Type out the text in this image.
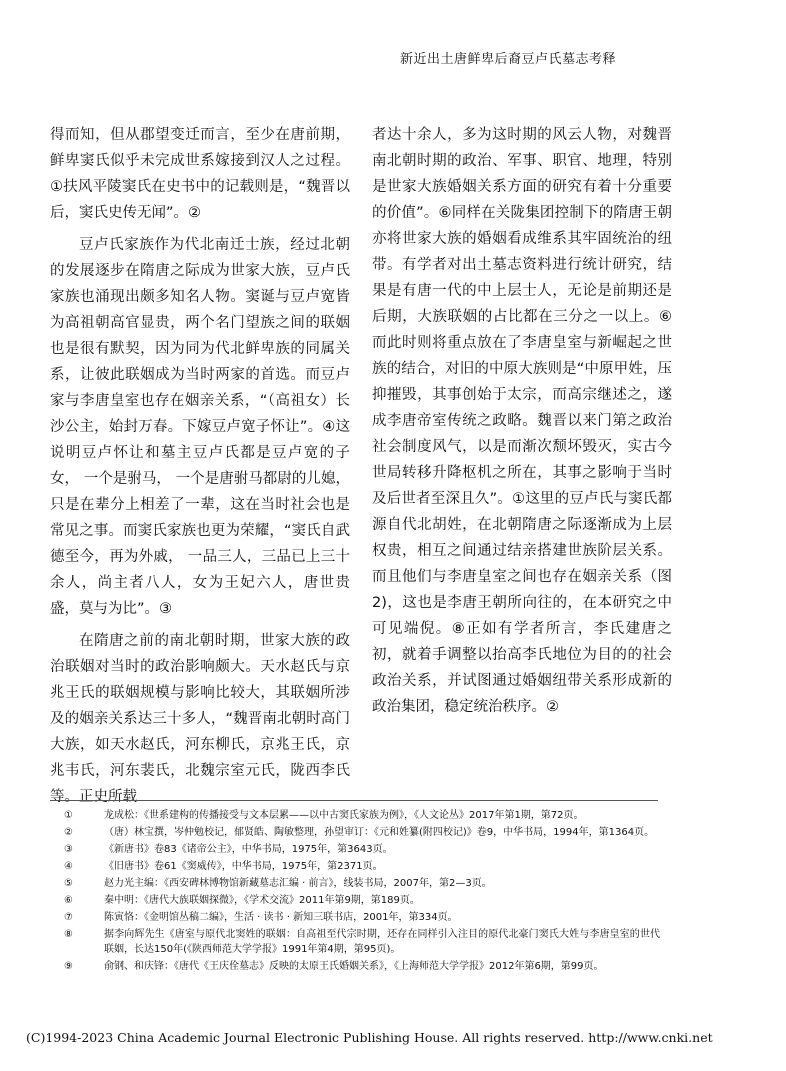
新近出土唐鲜卑后裔豆卢氏墓志考释

得而知，但从郡望变迁而言，至少在唐前期，鲜卑窦氏似乎未完成世系嫁接到汉人之过程。①扶风平陵窦氏在史书中的记载则是，“魏晋以后，窦氏史传无闻”。②

豆卢氏家族作为代北南迁士族，经过北朝的发展逐步在隋唐之际成为世家大族，豆卢氏家族也涌现出颇多知名人物。窦诞与豆卢宽皆为高祖朝高官显贵，两个名门望族之间的联姻也是很有默契，因为同为代北鲜卑族的同属关系，让彼此联姻成为当时两家的首选。而豆卢家与李唐皇室也存在姻亲关系，“（高祖女）长沙公主，始封万春。下嫁豆卢宽子怀让”。④这说明豆卢怀让和墓主豆卢氏都是豆卢宽的子女， 一个是驸马， 一个是唐驸马都尉的儿媳，只是在辈分上相差了一辈，这在当时社会也是常见之事。而窦氏家族也更为荣耀，“窦氏自武德至今，再为外戚， 一品三人，三品已上三十余人，尚主者八人，女为王妃六人，唐世贵盛，莫与为比”。③

在隋唐之前的南北朝时期，世家大族的政治联姻对当时的政治影响颇大。天水赵氏与京兆王氏的联姻规模与影响比较大，其联姻所涉及的姻亲关系达三十多人，“魏晋南北朝时高门大族，如天水赵氏，河东柳氏，京兆王氏，京兆韦氏，河东裴氏，北魏宗室元氏，陇西李氏等。正史所载

者达十余人，多为这时期的风云人物，对魏晋南北朝时期的政治、军事、职官、地理，特别是世家大族婚姻关系方面的研究有着十分重要的价值”。⑥同样在关陇集团控制下的隋唐王朝亦将世家大族的婚姻看成维系其牢固统治的纽带。有学者对出土墓志资料进行统计研究，结果是有唐一代的中上层士人，无论是前期还是后期，大族联姻的占比都在三分之一以上。⑥而此时则将重点放在了李唐皇室与新崛起之世族的结合，对旧的中原大族则是“中原甲姓，压抑摧毁，其事创始于太宗，而高宗继述之，遂成李唐帝室传统之政略。魏晋以来门第之政治社会制度风气，以是而渐次颓坏毁灭，实古今世局转移升降枢机之所在，其事之影响于当时及后世者至深且久”。①这里的豆卢氏与窦氏都源自代北胡姓，在北朝隋唐之际逐渐成为上层权贵，相互之间通过结亲搭建世族阶层关系。而且他们与李唐皇室之间也存在姻亲关系（图2)，这也是李唐王朝所向往的，在本研究之中可见端倪。⑧正如有学者所言，李氏建唐之初，就着手调整以抬高李氏地位为目的的社会政治关系，并试图通过婚姻纽带关系形成新的政治集团，稳定统治秩序。②

①	龙成松：《世系建构的传播接受与文本层累——以中古窦氏家族为例》，《人文论丛》2017年第1期，第72页。
②	（唐）林宝撰，岑仲勉校记，郁贤皓、陶敏整理，孙望审订：《元和姓纂(附四校记)》卷9，中华书局，1994年，第1364页。
③	《新唐书》卷83《诸帝公主》，中华书局，1975年，第3643页。
④	《旧唐书》卷61《窦威传》，中华书局，1975年，第2371页。
⑤	赵力光主编：《西安碑林博物馆新藏墓志汇编 · 前言》，线装书局，2007年，第2—3页。
⑥	秦中明：《唐代大族联姻探微》，《学术交流》2011年第9期，第189页。
⑦	陈寅恪：《金明馆丛稿二编》，生活 · 读书 · 新知三联书店，2001年，第334页。
⑧	据李向辉先生《唐室与原代北窦姓的联姻：自高祖至代宗时期，还存在同样引入注目的原代北豪门窦氏大姓与李唐皇室的世代联姻，长达150年(《陕西师范大学学报》1991年第4期，第95页)。
⑨	俞钢、和庆锋：《唐代《王庆佺墓志》反映的太原王氏婚姻关系》，《上海师范大学学报》2012年第6期，第99页。
(C)1994-2023 China Academic Journal Electronic Publishing House. All rights reserved. http://www.cnki.net
